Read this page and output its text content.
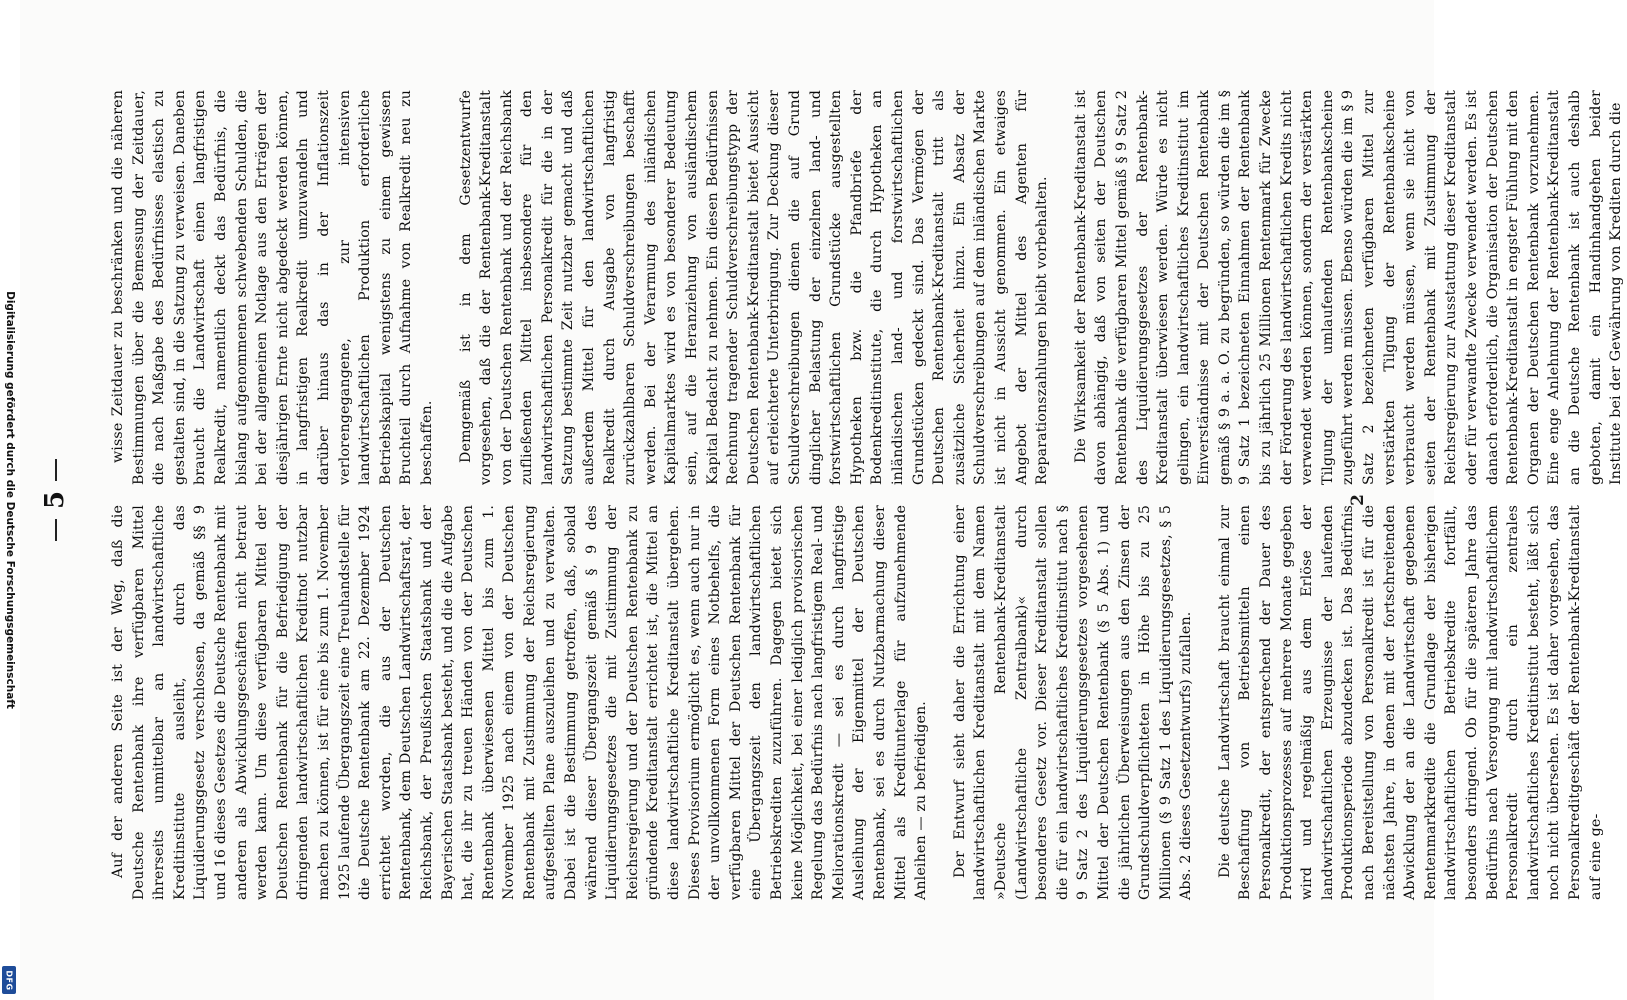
Digitalisierung gefördert durch die Deutsche Forschungsgemeinschaft
DFG
5

Auf der anderen Seite ist der Weg, daß die Deutsche Rentenbank ihre verfügbaren Mittel ihrerseits unmittelbar an landwirtschaftliche Kreditinstitute ausleiht, durch das Liquidierungsgesetz verschlossen, da gemäß §§ 9 und 16 dieses Gesetzes die Deutsche Rentenbank mit anderen als Abwicklungsgeschäften nicht betraut werden kann. Um diese verfügbaren Mittel der Deutschen Rentenbank für die Befriedigung der dringenden landwirtschaftlichen Kreditnot nutzbar machen zu können, ist für eine bis zum 1. November 1925 laufende Übergangszeit eine Treuhandstelle für die Deutsche Rentenbank am 22. Dezember 1924 errichtet worden, die aus der Deutschen Rentenbank, dem Deutschen Landwirtschaftsrat, der Reichsbank, der Preußischen Staatsbank und der Bayerischen Staatsbank besteht, und die die Aufgabe hat, die ihr zu treuen Händen von der Deutschen Rentenbank überwiesenen Mittel bis zum 1. November 1925 nach einem von der Deutschen Rentenbank mit Zustimmung der Reichsregierung aufgestellten Plane auszuleihen und zu verwalten. Dabei ist die Bestimmung getroffen, daß, sobald während dieser Übergangszeit gemäß § 9 des Liquidierungsgesetzes die mit Zustimmung der Reichsregierung und der Deutschen Rentenbank zu gründende Kreditanstalt errichtet ist, die Mittel an diese landwirtschaftliche Kreditanstalt übergehen. Dieses Provisorium ermöglicht es, wenn auch nur in der unvollkommenen Form eines Notbehelfs, die verfügbaren Mittel der Deutschen Rentenbank für eine Übergangszeit den landwirtschaftlichen Betriebskrediten zuzuführen. Dagegen bietet sich keine Möglichkeit, bei einer lediglich provisorischen Regelung das Bedürfnis nach langfristigem Real- und Meliorationskredit — sei es durch langfristige Ausleihung der Eigenmittel der Deutschen Rentenbank, sei es durch Nutzbarmachung dieser Mittel als Kreditunterlage für aufzunehmende Anleihen — zu befriedigen. Der Entwurf sieht daher die Errichtung einer landwirtschaftlichen Kreditanstalt mit dem Namen »Deutsche Rentenbank-Kreditanstalt (Landwirtschaftliche Zentralbank)« durch besonderes Gesetz vor. Dieser Kreditanstalt sollen die für ein landwirtschaftliches Kreditinstitut nach § 9 Satz 2 des Liquidierungsgesetzes vorgesehenen Mittel der Deutschen Rentenbank (§ 5 Abs. 1) und die jährlichen Überweisungen aus den Zinsen der Grundschuldverpflichteten in Höhe bis zu 25 Millionen (§ 9 Satz 1 des Liquidierungsgesetzes, § 5 Abs. 2 dieses Gesetzentwurfs) zufallen. Die deutsche Landwirtschaft braucht einmal zur Beschaffung von Betriebsmitteln einen Personalkredit, der entsprechend der Dauer des Produktionsprozesses auf mehrere Monate gegeben wird und regelmäßig aus dem Erlöse der landwirtschaftlichen Erzeugnisse der laufenden Produktionsperiode abzudecken ist. Das Bedürfnis nach Bereitstellung von Personalkredit ist für die nächsten Jahre, in denen mit der fortschreitenden Abwicklung der an die Landwirtschaft gegebenen Rentenmarkkredite die Grundlage der bisherigen landwirtschaftlichen Betriebskredite fortfällt, besonders dringend. Ob für die späteren Jahre das Bedürfnis nach Versorgung mit landwirtschaftlichem Personalkredit durch ein zentrales landwirtschaftliches Kreditinstitut besteht, läßt sich noch nicht übersehen. Es ist daher vorgesehen, das Personalkreditgeschäft der Rentenbank-Kreditanstalt auf eine ge-

wisse Zeitdauer zu beschränken und die näheren Bestimmungen über die Bemessung der Zeitdauer, die nach Maßgabe des Bedürfnisses elastisch zu gestalten sind, in die Satzung zu verweisen. Daneben braucht die Landwirtschaft einen langfristigen Realkredit, namentlich deckt das Bedürfnis, die bislang aufgenommenen schwebenden Schulden, die bei der allgemeinen Notlage aus den Erträgen der diesjährigen Ernte nicht abgedeckt werden können, in langfristigen Realkredit umzuwandeln und darüber hinaus das in der Inflationszeit verlorengegangene, zur intensiven landwirtschaftlichen Produktion erforderliche Betriebskapital wenigstens zu einem gewissen Bruchteil durch Aufnahme von Realkredit neu zu beschaffen. Demgemäß ist in dem Gesetzentwurfe vorgesehen, daß die der Rentenbank-Kreditanstalt von der Deutschen Rentenbank und der Reichsbank zufließenden Mittel insbesondere für den landwirtschaftlichen Personalkredit für die in der Satzung bestimmte Zeit nutzbar gemacht und daß außerdem Mittel für den landwirtschaftlichen Realkredit durch Ausgabe von langfristig zurückzahlbaren Schuldverschreibungen beschafft werden. Bei der Verarmung des inländischen Kapitalmarktes wird es von besonderer Bedeutung sein, auf die Heranziehung von ausländischem Kapital Bedacht zu nehmen. Ein diesen Bedürfnissen Rechnung tragender Schuldverschreibungstypp der Deutschen Rentenbank-Kreditanstalt bietet Aussicht auf erleichterte Unterbringung. Zur Deckung dieser Schuldverschreibungen dienen die auf Grund dinglicher Belastung der einzelnen land- und forstwirtschaftlichen Grundstücke ausgestellten Hypotheken bzw. die Pfandbriefe der Bodenkreditinstitute, die durch Hypotheken an inländischen land- und forstwirtschaftlichen Grundstücken gedeckt sind. Das Vermögen der Deutschen Rentenbank-Kreditanstalt tritt als zusätzliche Sicherheit hinzu. Ein Absatz der Schuldverschreibungen auf dem inländischen Markte ist nicht in Aussicht genommen. Ein etwaiges Angebot der Mittel des Agenten für Reparationszahlungen bleibt vorbehalten. Die Wirksamkeit der Rentenbank-Kreditanstalt ist davon abhängig, daß von seiten der Deutschen Rentenbank die verfügbaren Mittel gemäß § 9 Satz 2 des Liquidierungsgesetzes der Rentenbank-Kreditanstalt überwiesen werden. Würde es nicht gelingen, ein landwirtschaftliches Kreditinstitut im Einverständnisse mit der Deutschen Rentenbank gemäß § 9 a. a. O. zu begründen, so würden die im § 9 Satz 1 bezeichneten Einnahmen der Rentenbank bis zu jährlich 25 Millionen Rentenmark für Zwecke der Förderung des landwirtschaftlichen Kredits nicht verwendet werden können, sondern der verstärkten Tilgung der umlaufenden Rentenbankscheine zugeführt werden müssen. Ebenso würden die im § 9 Satz 2 bezeichneten verfügbaren Mittel zur verstärkten Tilgung der Rentenbankscheine verbraucht werden müssen, wenn sie nicht von seiten der Rentenbank mit Zustimmung der Reichsregierung zur Ausstattung dieser Kreditanstalt oder für verwandte Zwecke verwendet werden. Es ist danach erforderlich, die Organisation der Deutschen Rentenbank-Kreditanstalt in engster Fühlung mit den Organen der Deutschen Rentenbank vorzunehmen. Eine enge Anlehnung der Rentenbank-Kreditanstalt an die Deutsche Rentenbank ist auch deshalb geboten, damit ein Handinhandgehen beider Institute bei der Gewährung von Krediten durch die

2
